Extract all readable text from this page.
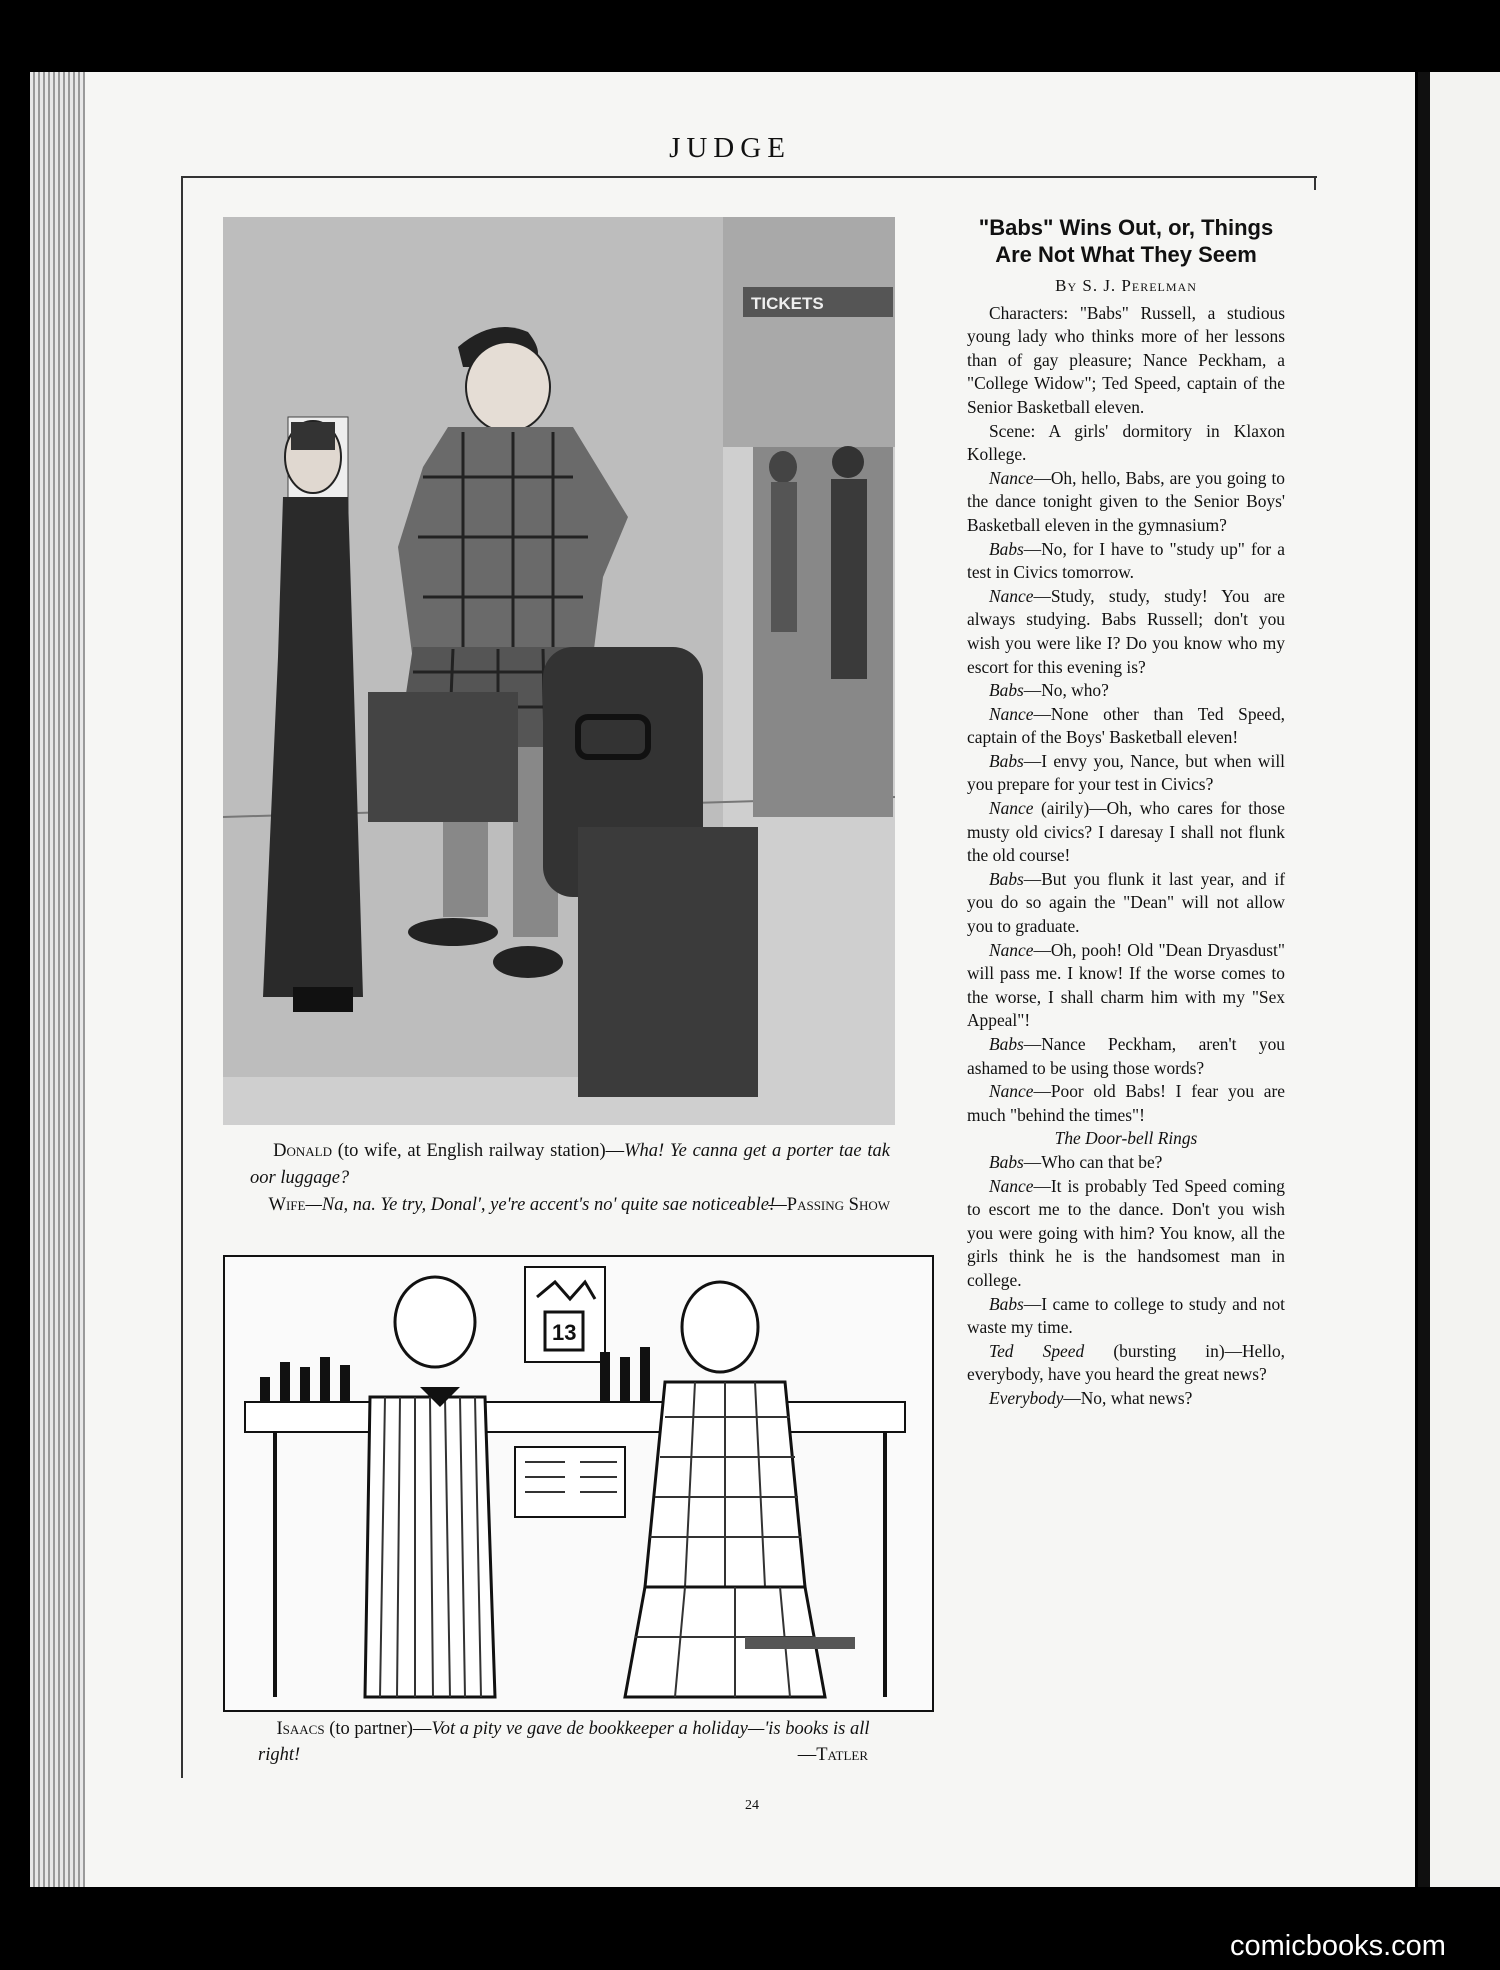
JUDGE
TICKETS
Donald (to wife, at English railway station)—Wha! Ye canna get a porter tae tak oor luggage?
Wife—Na, na. Ye try, Donal', ye're accent's no' quite sae noticeable!
—Passing Show
13
Isaacs (to partner)—Vot a pity ve gave de bookkeeper a holiday—'is books is all right!	—Tatler
"Babs" Wins Out, or, Things Are Not What They Seem
By S. J. Perelman

Characters: "Babs" Russell, a studious young lady who thinks more of her lessons than of gay pleasure; Nance Peckham, a "College Widow"; Ted Speed, captain of the Senior Basketball eleven.

Scene: A girls' dormitory in Klaxon Kollege.

Nance—Oh, hello, Babs, are you going to the dance tonight given to the Senior Boys' Basketball eleven in the gymnasium?

Babs—No, for I have to "study up" for a test in Civics tomorrow.

Nance—Study, study, study! You are always studying. Babs Russell; don't you wish you were like I? Do you know who my escort for this evening is?

Babs—No, who?

Nance—None other than Ted Speed, captain of the Boys' Basketball eleven!

Babs—I envy you, Nance, but when will you prepare for your test in Civics?

Nance (airily)—Oh, who cares for those musty old civics? I daresay I shall not flunk the old course!

Babs—But you flunk it last year, and if you do so again the "Dean" will not allow you to graduate.

Nance—Oh, pooh! Old "Dean Dryasdust" will pass me. I know! If the worse comes to the worse, I shall charm him with my "Sex Appeal"!

Babs—Nance Peckham, aren't you ashamed to be using those words?

Nance—Poor old Babs! I fear you are much "behind the times"!

The Door-bell Rings

Babs—Who can that be?

Nance—It is probably Ted Speed coming to escort me to the dance. Don't you wish you were going with him? You know, all the girls think he is the handsomest man in college.

Babs—I came to college to study and not waste my time.

Ted Speed (bursting in)—Hello, everybody, have you heard the great news?

Everybody—No, what news?

24
comicbooks.com
